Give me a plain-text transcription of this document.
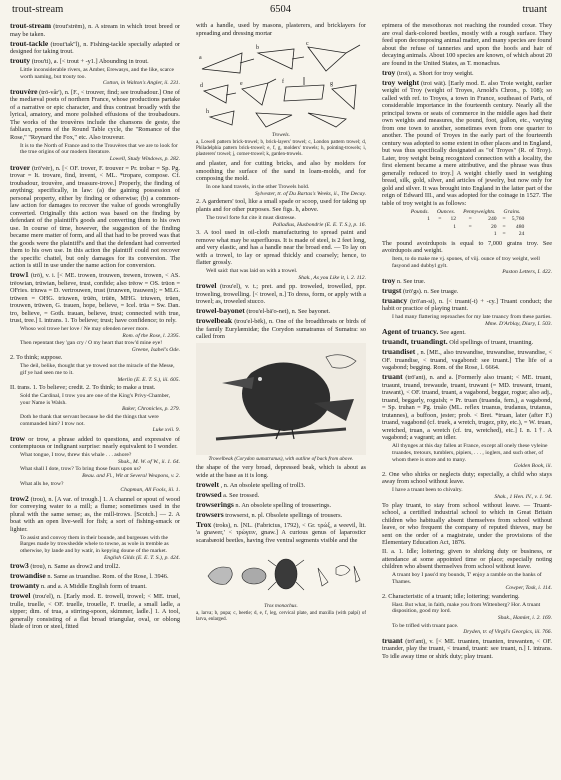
trout-stream	6504	truant
trout-stream (trout'strēm), n. A stream in which trout breed or may be taken.
trout-tackle (trout'tak''l), n. Fishing-tackle specially adapted or designed for taking trout.
trouty (trou'ti), a. [< trout + -y1.] Abounding in trout.
Little inconsiderable rivers, as Amber, Erewasys, and the like, scarce worth naming, but trouty too.
Cotton, in Walton's Angler, ii. 231.
trouvère (trö-vâr'), n. [F., < trouver, find; see troubadour.] One of the mediæval poets of northern France, whose productions partake of a narrative or epic character, and thus contrast broadly with the lyrical, amatory, and more polished effusions of the troubadours. The works of the trouvères include the chansons de geste, the fabliaux, poems of the Round Table cycle, the "Romance of the Rose," "Reynard the Fox," etc. Also trouveur.
It is to the North of France and to the Trouvères that we are to look for the true origins of our modern literature.
Lowell, Study Windows, p. 282.
trover (trō'vėr), n. [< OF. trover, F. trouver = Pr. trobar = Sp. Pg. trovar = It. trovare, find, invent, < ML. *tropare, compose. Cf. troubadour, trouvère, and treasure-trove.] Properly, the finding of anything; specifically, in law: (a) the gaining possession of personal property, either by finding or otherwise; (b) a common-law action for damages to recover the value of goods wrongfully converted. Originally this action was based on the finding by defendant of the plaintiff's goods and converting them to his own use. In course of time, however, the suggestion of the finding became mere matter of form, and all that had to be proved was that the goods were the plaintiff's and that the defendant had converted them to his own use. In this action the plaintiff could not recover the specific chattel, but only damages for its conversion. The action is still in use under the name action for conversion.
trow1 (trō), v. i. [< ME. trowen, trouwen, trewen, trowen, < AS. trēowian, trūwian, believe, trust, confide; also trēow = OS. trūon = OFries. triuwa = D. vertrouwen, trust (truuwen, trauwen); = MLG. trūwen = OHG. triuwen, trūēn, trūēn, MHG. triuwen, trūen, trouwen, trūwen, G. trauen, hope, believe, = Icel. trūa = Sw. Dan. tro, believe, = Goth. trauan, believe, trust; connected with true, trust, tree.] I. intrans. 1. To believe; trust; have confidence; to rely.
Whoso wol trowe her love / Ne may ofenden never more.
Rom. of the Rose, l. 2395.
Then repentant they 'gan cry / O my heart that trow'd mine eye!
Greene, Isabel's Ode.
2. To think; suppose.
The deil, belike, thought that ye trowed not the miracle of the Messe, gif ye had seen me to it.
Merlin (E. E. T. S.), iii. 605.
II. trans. 1. To believe; credit. 2. To think; to make a trust.
Sold the Cardinal, I trow you are one of the King's Privy-Chamber, your Name is Walsh.
Baker, Chronicles, p. 279.
Doth he thank that servant because he did the things that were commanded him? I trow not.
Luke xvii. 9.
trow or trow, a phrase added to questions, and expressive of contemptuous or indignant surprise: nearly equivalent to I wonder.
What tongue, I trow, threw this whale . . . ashore?
Shak., M. W. of W., ii. 1. 64.
What shall I dote, trow? To bring those fears upon us?
Beau. and Fl., Wit at Several Weapons, v. 2.
What alls he, trow?
Chapman, All Fools, iii. 1.
trow2 (trou), n. [A var. of trough.] 1. A channel or spout of wood for conveying water to a mill; a flume; sometimes used in the plural with the same sense; as, the mill-trows. [Scotch.] — 2. A boat with an open live-well for fish; a sort of fishing-smack or lighter.
To assist and convoy them in their bounde, and burgesses with the Barges made by trowshedde whele to towne, as wole in tremble as otherwise, by lande and by watir, in kepying doune of the market.
English Gilds (E. E. T. S.), p. 424.
trow3 (trou), n. Same as drow2 and troll2.
trowandise n. Same as truandise. Rom. of the Rose, l. 3946.
trowanty n. and a. A Middle English form of truant.
trowel (trou'el), n. [Early mod. E. trowell, trowel; < ME. truel, trulle, truelle, < OF. truelle, trouelle, F. truelle, a small ladle, a sipper; dim. of trua, a stirring-spoon, skimmer, ladle.] 1. A tool, generally consisting of a flat broad triangular, oval, or oblong blade of iron or steel, fitted
with a handle, used by masons, plasterers, and bricklayers for spreading and dressing mortar
a
b
c
d	e	f	g
h
Trowels.
a, Lowell pattern brick-trowel; b, brick-layers' trowel; c, London pattern trowel; d, Philadelphia pattern brick-trowel; e, f, g, molders' trowels; h, pointing-trowels; i, plasterers' trowel; j, corner-trowel; k, garden-trowels.
and plaster, and for cutting bricks, and also by molders for smoothing the surface of the sand in loam-molds, and for composing the mold.
In one hand travels, in the other Trowels hold.
Sylvester, tr. of Du Bartas's Weeks, ii., The Decay.
2. A gardeners' tool, like a small spade or scoop, used for taking up plants and for other purposes. See figs. h, above.
The trowl forte fut cite it must distresse.
Palladius, Husbondrie (E. E. T. S.), p. 16.
3. A tool used in oil-cloth manufacturing to spread paint and remove what may be superfluous. It is made of steel, is 2 feet long, and very elastic, and has a handle near the broad end. — To lay on with a trowel, to lay or spread thickly and coarsely; hence, to flatter grossly.
Well said: that was laid on with a trowel.
Shak., As you Like it, i. 2. 112.
trowel (trou'el), v. t.; pret. and pp. troweled, trowelled, ppr. troweling, trowelling. [< trowel, n.] To dress, form, or apply with a trowel; as, troweled stucco.
trowel-bayonet (trou'el-bā'o-net), n. See bayonet.
trowelbeak (trou'el-bēk), n. One of the broadthroats or birds of the family Eurylæmidæ; the Corydon sumatranus of Sumatra: so called from
Trowelbeak (Corydon sumatranus), with outline of back from above.
the shape of the very broad, depressed beak, which is about as wide at the base as it is long.
trowelt , n. An obsolete spelling of troll3.
trowsed a. See trossed.
trowserings n. An obsolete spelling of trouserings.
trowsers trowserst, n. pl. Obsolete spellings of trousers.
Trox (troks), n. [NL. (Fabricius, 1792), < Gr. τρώξ, a weevil, lit. 'a gnawer,' < τρώγειν, gnaw.] A curious genus of laparosticr scarabæoid beetles, having five ventral segments visible and the
Trox monachus.
a, larva; b, pupa; c, beetle; d, e, f, leg, cervical plate, and maxilla (with palpi) of larva, enlarged.
epimera of the mesothorax not reaching the rounded coxæ. They are oval dark-colored beetles, mostly with a rough surface. They feed upon decomposing animal matter, and many species are found about the refuse of tanneries and upon the hoofs and hair of decaying animals. About 100 species are known, of which about 20 are found in the United States, as T. monachus.
troy (troi), a. Short for troy weight.
troy weight (troi wāt). [Early mod. E. also Troie weight, earlier weight of Troy (weight of Troyes, Arnold's Chron., p. 108); so called with ref. to Troyes, a town in France, southeast of Paris, of considerable importance in the fourteenth century. Nearly all the principal towns or seats of commerce in the middle ages had their own weights and measures, the pound, foot, gallon, etc., varying from one town to another, sometimes even from one quarter to another. The pound of Troyes in the early part of the fourteenth century was adopted to some extent in other places and in England, but was thus specifically designated as "of Troyes" (R. of Troy). Later, troy weight being recognized connection with a locality, the first element became a mere attributive, and the phrase was thus generally reduced to troy.] A weight chiefly used in weighing bread, silk, gold, silver, and articles of jewelry, but now only for gold and silver. It was brought into England in the latter part of the reign of Edward III., and was adopted for the coinage in 1527. The table of troy weight is as follows:
Pounds.	Ounces.		Pennyweights.		Grains.	
1	=	12	=	240	=	5,760
		1	=	20	=	480
				1	=	24
The pound avoirdupois is equal to 7,000 grains troy. See avoirdupois and weight.
Item, to do make me vj. spones, of viij. ounce of troy weight, well fasyond and dubbyl gylt.
Paston Letters, I. 422.
troy n. See true.
trugst (trö'gs). n. See truage.
truancy (trö'an-si), n. [< truant(-t) + -cy.] Truant conduct; the habit or practice of playing truant.
I had many flattering reproaches for my late truancy from these parties.
Mme. D'Arblay, Diary, I. 503.
Agent of truancy. See agent.
truandt, truandingt. Old spellings of truant, truanting.
truandiset , n. [ME., also truwandise, truwandise, truwandise, < OF. truandise, < truand, vagabond: see truant.] The life of a vagabond; begging. Rom. of the Rose, l. 6664.
truant (trö'ant), n. and a. [Formerly also truant; < ME. truant, truaunt, truand, trewaude, truant, truwant (= MD. truwant, truant, trawant), < OF. truand, truant, a vagabond, beggar, rogue; also adj., truand, beggarly, roguish; = Pr. truan (truanda, fem.), a vagabond, = Sp. truhan = Pg. truão (ML. reflex truanus, trudanus, trutanus, trutannes), a buffoon, jester; prob. < Bret. *truan, later (after F.) truand, vagabond (cf. truek, a wretch, trugez, pity, etc.), = W. truan, wretched, truan, a wretch (cf. tru, wretched), etc.] I. n. 1†. A vagabond; a vagrant; an idler.
All thynges at this day fallen at France, except all onely these vyleine truandes, tretours, tumblers, pipiers, . . . , ioglers, and such other, of whom there is store and to many.
Golden Book, iii.
2. One who shirks or neglects duty; especially, a child who stays away from school without leave.
I have a truant been to chivalry.
Shak., 1 Hen. IV., v. 1. 94.
To play truant, to stay from school without leave. — Truant-school, a certified industrial school to which in Great Britain children who habitually absent themselves from school without leave, or who frequent the company of reputed thieves, may be sent on the order of a magistrate, under the provisions of the Elementary Education Act, 1876.
II. a. 1. Idle; loitering; given to shirking duty or business, or attendance at some appointed time or place; especially noting children who absent themselves from school without leave.
A truant boy I pass'd my bounds, T' enjoy a ramble on the banks of Thames.
Cowper, Task, i. 114.
2. Characteristic of a truant; idle; loitering; wandering.
Hast. But what, in faith, make you from Wittenberg? Hor. A truant disposition, good my lord.
Shak., Hamlet, i. 2. 169.
To be trifled with truant pace.
Dryden, tr. of Virgil's Georgics, iii. 766.
truant (trö'ant), v. [< ME. truanten, truanten, truwanten, < OF. truander, play the truant, < truand, truant: see truant, n.] I. intrans. To idle away time or shirk duty; play truant.
